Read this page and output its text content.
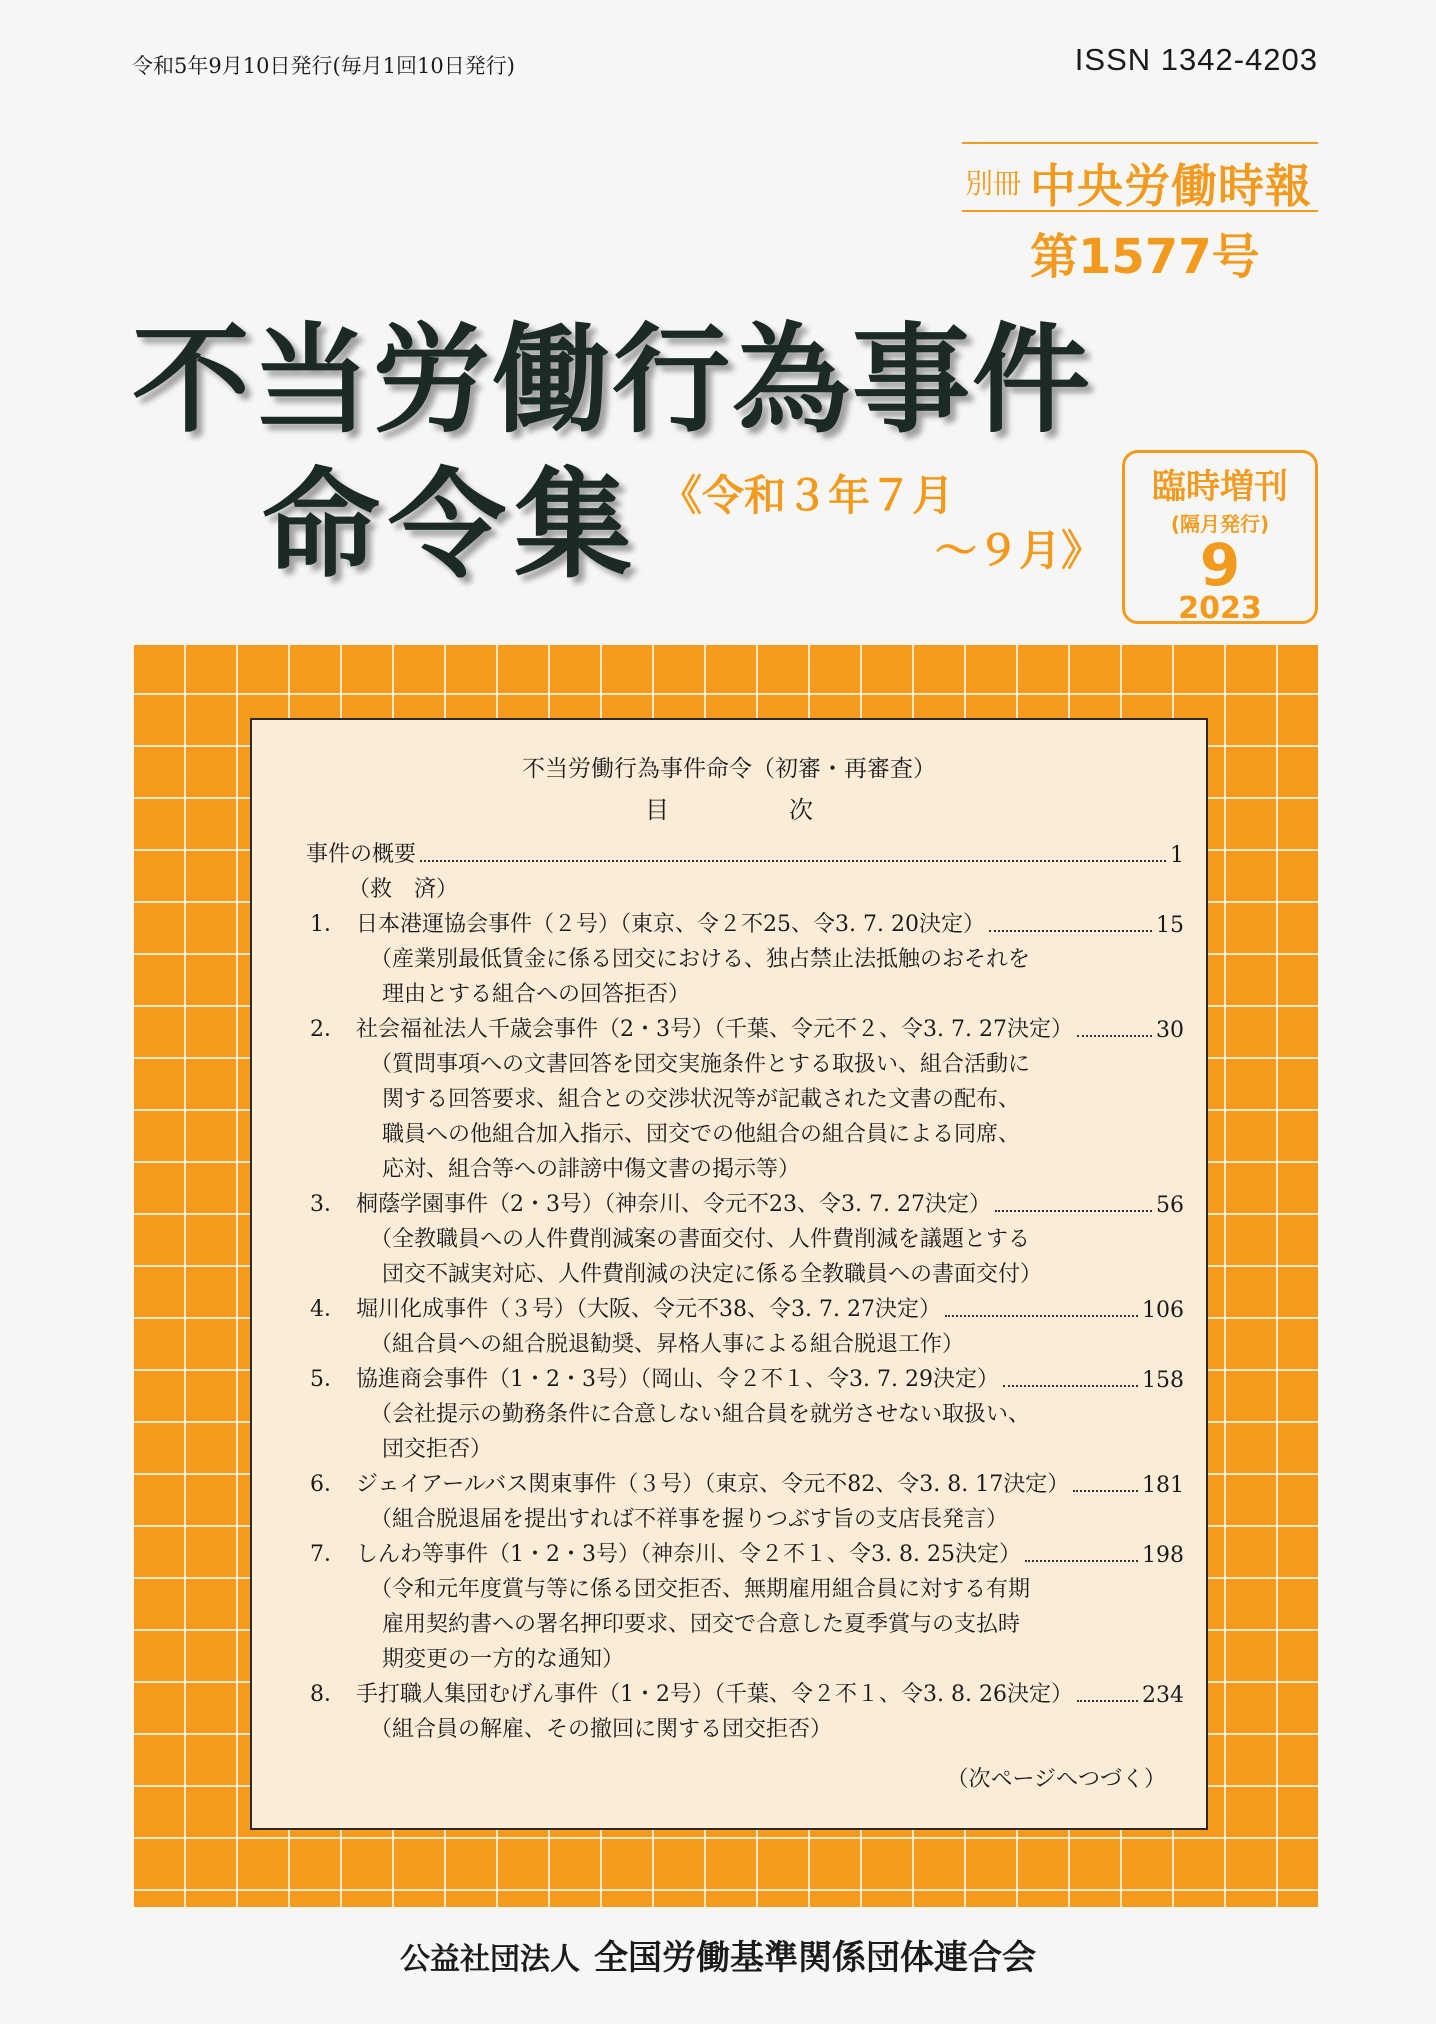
令和5年9月10日発行(毎月1回10日発行)	ISSN 1342-4203
別冊 中央労働時報
第1577号
不当労働行為事件
命令集 《令和３年７月
～９月》
臨時増刊
(隔月発行)
9
2023
不当労働行為事件命令（初審・再審査）
目次
事件の概要	1
（救　済）
1． 日本港運協会事件（２号）（東京、令２不25、令3. 7. 20決定）	15
（産業別最低賃金に係る団交における、独占禁止法抵触のおそれを
理由とする組合への回答拒否）
2． 社会福祉法人千歳会事件（2・3号）（千葉、令元不２、令3. 7. 27決定）	30
（質問事項への文書回答を団交実施条件とする取扱い、組合活動に
関する回答要求、組合との交渉状況等が記載された文書の配布、
職員への他組合加入指示、団交での他組合の組合員による同席、
応対、組合等への誹謗中傷文書の掲示等）
3． 桐蔭学園事件（2・3号）（神奈川、令元不23、令3. 7. 27決定）	56
（全教職員への人件費削減案の書面交付、人件費削減を議題とする
団交不誠実対応、人件費削減の決定に係る全教職員への書面交付）
4． 堀川化成事件（３号）（大阪、令元不38、令3. 7. 27決定）	106
（組合員への組合脱退勧奨、昇格人事による組合脱退工作）
5． 協進商会事件（1・2・3号）（岡山、令２不１、令3. 7. 29決定）	158
（会社提示の勤務条件に合意しない組合員を就労させない取扱い、
団交拒否）
6． ジェイアールバス関東事件（３号）（東京、令元不82、令3. 8. 17決定）	181
（組合脱退届を提出すれば不祥事を握りつぶす旨の支店長発言）
7． しんわ等事件（1・2・3号）（神奈川、令２不１、令3. 8. 25決定）	198
（令和元年度賞与等に係る団交拒否、無期雇用組合員に対する有期
雇用契約書への署名押印要求、団交で合意した夏季賞与の支払時
期変更の一方的な通知）
8． 手打職人集団むげん事件（1・2号）（千葉、令２不１、令3. 8. 26決定）	234
（組合員の解雇、その撤回に関する団交拒否）
（次ページへつづく）
公益社団法人 全国労働基準関係団体連合会
